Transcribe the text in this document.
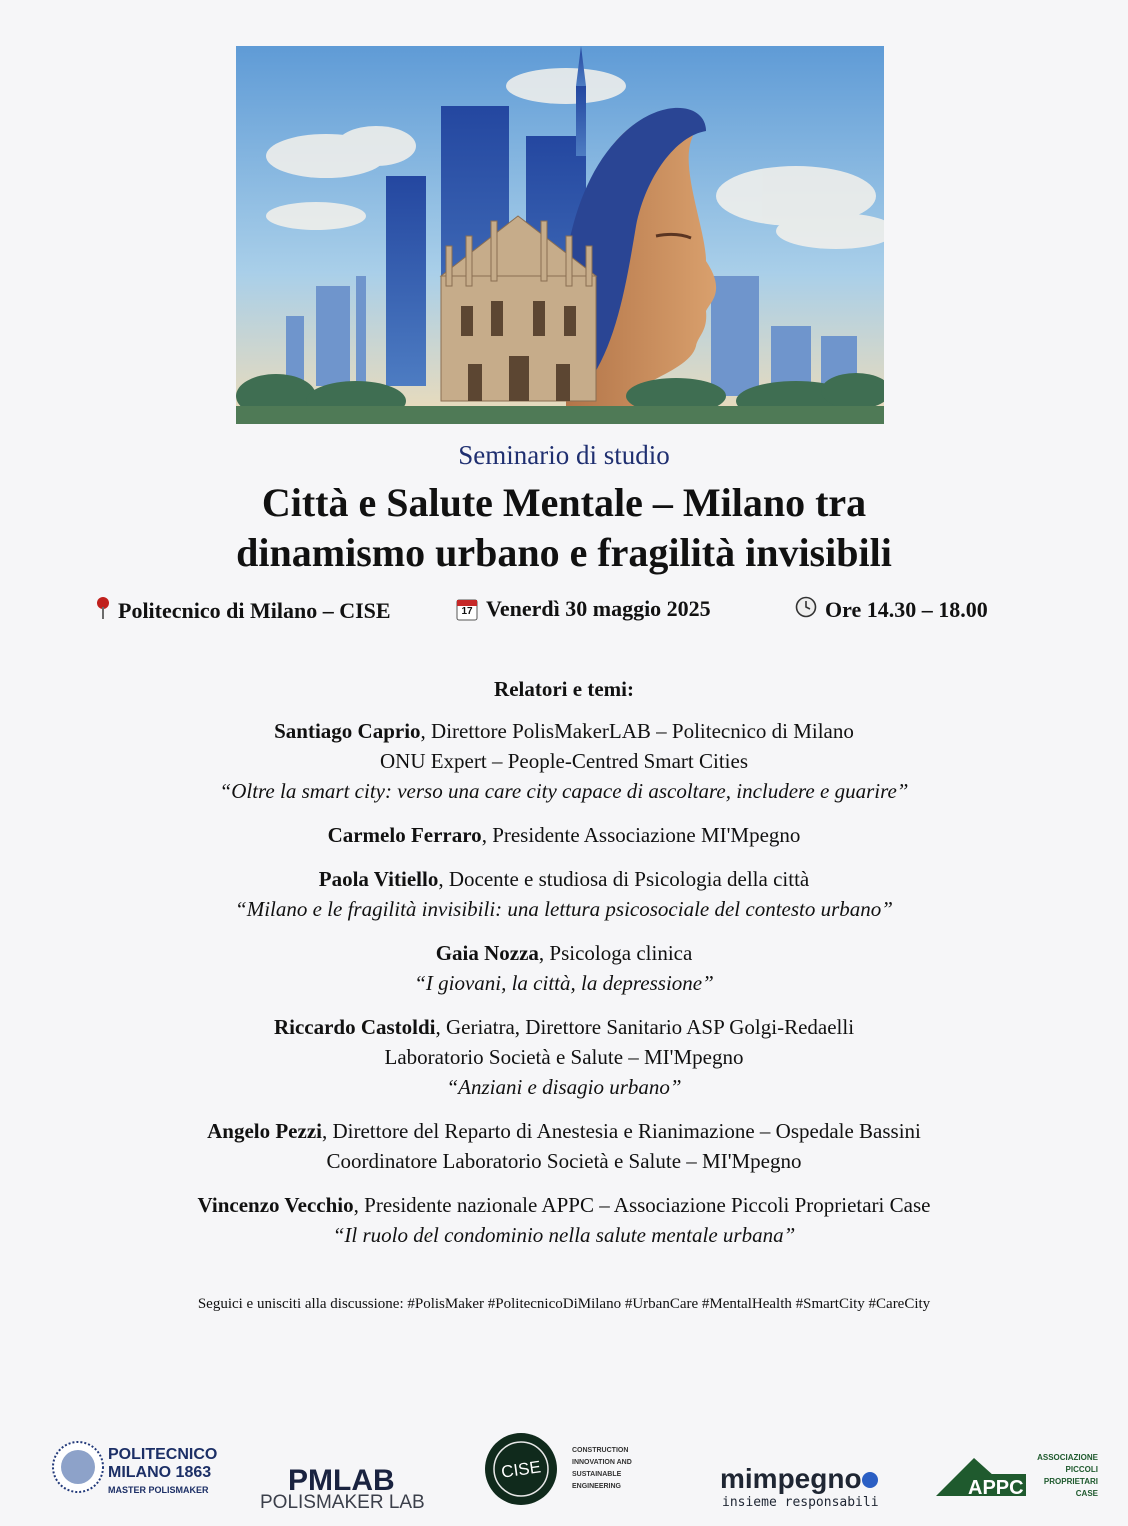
Seminario di studio
Città e Salute Mentale – Milano tra
dinamismo urbano e fragilità invisibili
Politecnico di Milano – CISE	17 Venerdì 30 maggio 2025	Ore 14.30 – 18.00
Relatori e temi:
Santiago Caprio, Direttore PolisMakerLAB – Politecnico di Milano
ONU Expert – People-Centred Smart Cities
“Oltre la smart city: verso una care city capace di ascoltare, includere e guarire”
Carmelo Ferraro, Presidente Associazione MI'Mpegno
Paola Vitiello, Docente e studiosa di Psicologia della città
“Milano e le fragilità invisibili: una lettura psicosociale del contesto urbano”
Gaia Nozza, Psicologa clinica
“I giovani, la città, la depressione”
Riccardo Castoldi, Geriatra, Direttore Sanitario ASP Golgi-Redaelli
Laboratorio Società e Salute – MI'Mpegno
“Anziani e disagio urbano”
Angelo Pezzi, Direttore del Reparto di Anestesia e Rianimazione – Ospedale Bassini
Coordinatore Laboratorio Società e Salute – MI'Mpegno
Vincenzo Vecchio, Presidente nazionale APPC – Associazione Piccoli Proprietari Case
“Il ruolo del condominio nella salute mentale urbana”
Seguici e unisciti alla discussione: #PolisMaker #PolitecnicoDiMilano #UrbanCare #MentalHealth #SmartCity #CareCity
POLITECNICO
MILANO 1863
MASTER POLISMAKER	PMLAB
POLISMAKER LAB
CISE
CONSTRUCTION
INNOVATION AND
SUSTAINABLE
ENGINEERING	mimpegno
insieme responsabili
APPC
ASSOCIAZIONE
PICCOLI
PROPRIETARI
CASE
